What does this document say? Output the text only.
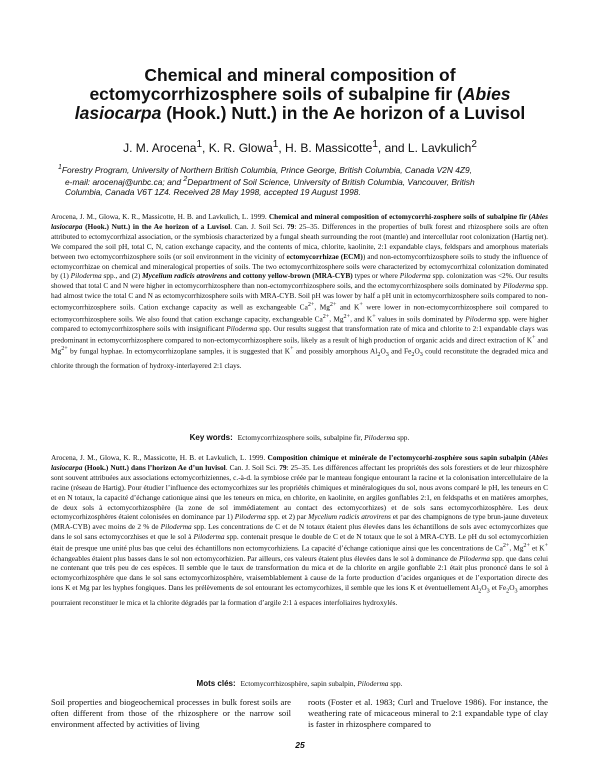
Chemical and mineral composition of
ectomycorrhizosphere soils of subalpine fir (Abies
lasiocarpa (Hook.) Nutt.) in the Ae horizon of a Luvisol
J. M. Arocena$^1$, K. R. Glowa$^1$, H. B. Massicotte$^1$, and L. Lavkulich$^2$
$^1$Forestry Program, University of Northern British Columbia, Prince George, British Columbia, Canada V2N 4Z9,
e-mail: arocenaj@unbc.ca; and $^2$Department of Soil Science, University of British Columbia, Vancouver, British
Columbia, Canada V6T 1Z4. Received 28 May 1998, accepted 19 August 1998.

Arocena, J. M., Glowa, K. R., Massicotte, H. B. and Lavkulich, L. 1999. Chemical and mineral composition of ectomycorrhi-zosphere soils of subalpine fir (Abies lasiocarpa (Hook.) Nutt.) in the Ae horizon of a Luvisol. Can. J. Soil Sci. 79: 25–35. Differences in the properties of bulk forest and rhizosphere soils are often attributed to ectomycorrhizal association, or the symbiosis characterized by a fungal sheath surrounding the root (mantle) and intercellular root colonization (Hartig net). We compared the soil pH, total C, N, cation exchange capacity, and the contents of mica, chlorite, kaolinite, 2:1 expandable clays, feldspars and amorphous materials between two ectomycorrhizosphere soils (or soil environment in the vicinity of ectomycorrhizae (ECM)) and non-ectomycorrhizosphere soils to study the influence of ectomycorrhizae on chemical and mineralogical properties of soils. The two ectomycorrhizosphere soils were characterized by ectomycorrhizal colonization dominated by (1) Piloderma spp., and (2) Mycelium radicis atrovirens and cottony yellow-brown (MRA-CYB) types or where Piloderma spp. colonization was <2%. Our results showed that total C and N were higher in ectomycorrhizosphere than non-ectomycorrhizosphere soils, and the ectomycorrhizosphere soils dominated by Piloderma spp. had almost twice the total C and N as ectomycorrhizosphere soils with MRA-CYB. Soil pH was lower by half a pH unit in ectomycorrhizosphere soils compared to non-ectomycorrhizosphere soils. Cation exchange capacity as well as exchangeable $Ca^{2+}$, $Mg^{2+}$ and K+ were lower in non-ectomycorrhizosphere soil compared to ectomycorrhizosphere soils. We also found that cation exchange capacity, exchangeable $Ca^{2+}$, $Mg^{2+}$, and K+ values in soils dominated by Piloderma spp. were higher compared to ectomycorrhizosphere soils with insignificant Piloderma spp. Our results suggest that transformation rate of mica and chlorite to 2:1 expandable clays was predominant in ectomycorrhizosphere compared to non-ectomycorrhizosphere soils, likely as a result of high production of organic acids and direct extraction of K+ and $Mg^{2+}$ by fungal hyphae. In ectomycorrhizoplane samples, it is suggested that K+ and possibly amorphous $Al_2O_3$ and $Fe_2O_3$ could reconstitute the degraded mica and chlorite through the formation of hydroxy-interlayered 2:1 clays.

Key words: Ectomycorrhizosphere soils, subalpine fir, Piloderma spp.

Arocena, J. M., Glowa, K. R., Massicotte, H. B. et Lavkulich, L. 1999. Composition chimique et minérale de l’ectomycorhi-zosphère sous sapin subalpin (Abies lasiocarpa (Hook.) Nutt.) dans l’horizon Ae d’un luvisol. Can. J. Soil Sci. 79: 25–35. Les différences affectant les propriétés des sols forestiers et de leur rhizosphère sont souvent attribuées aux associations ectomycorhiziennes, c.-à-d. la symbiose créée par le manteau fongique entourant la racine et la colonisation intercellulaire de la racine (réseau de Hartig). Pour étudier l’influence des ectomycorhizes sur les propriétés chimiques et minéralogiques du sol, nous avons comparé le pH, les teneurs en C et en N totaux, la capacité d’échange cationique ainsi que les teneurs en mica, en chlorite, en kaolinite, en argiles gonflables 2:1, en feldspaths et en matières amorphes, de deux sols à ectomycorhizosphère (la zone de sol immédiatement au contact des ectomycorhizes) et de sols sans ectomycorhizosphère. Les deux ectomycorhizosphères étaient colonisées en dominance par 1) Piloderma spp. et 2) par Mycelium radicis atrovirens et par des champignons de type brun-jaune duveteux (MRA-CYB) avec moins de 2 % de Piloderma spp. Les concentrations de C et de N totaux étaient plus élevées dans les échantillons de sols avec ectomycorhizes que dans le sol sans ectomycorzhises et que le sol à Piloderma spp. contenait presque le double de C et de N totaux que le sol à MRA-CYB. Le pH du sol ectomycorhizien était de presque une unité plus bas que celui des échantillons non ectomycorhiziens. La capacité d’échange cationique ainsi que les concentrations de $Ca^{2+}$, $Mg^{2+}$ et K+ échangeables étaient plus basses dans le sol non ectomycorhizien. Par ailleurs, ces valeurs étaient plus élevées dans le sol à dominance de Piloderma spp. que dans celui ne contenant que très peu de ces espèces. Il semble que le taux de transformation du mica et de la chlorite en argile gonflable 2:1 était plus prononcé dans le sol à ectomycorhizosphère que dans le sol sans ectomycorhizosphère, vraisemblablement à cause de la forte production d’acides organiques et de l’exportation directe des ions K et Mg par les hyphes fongiques. Dans les prélèvements de sol entourant les ectomycorhizes, il semble que les ions K et éventuellement $Al_2O_3$ et $Fe_2O_3$ amorphes pourraient reconstituer le mica et la chlorite dégradés par la formation d’argile 2:1 à espaces interfoliaires hydroxylés.

Mots clés: Ectomycorrhizosphère, sapin subalpin, Piloderma spp.

Soil properties and biogeochemical processes in bulk forest soils are often different from those of the rhizosphere or the narrow soil environment affected by activities of living

roots (Foster et al. 1983; Curl and Truelove 1986). For instance, the weathering rate of micaceous mineral to 2:1 expandable type of clay is faster in rhizosphere compared to

25
